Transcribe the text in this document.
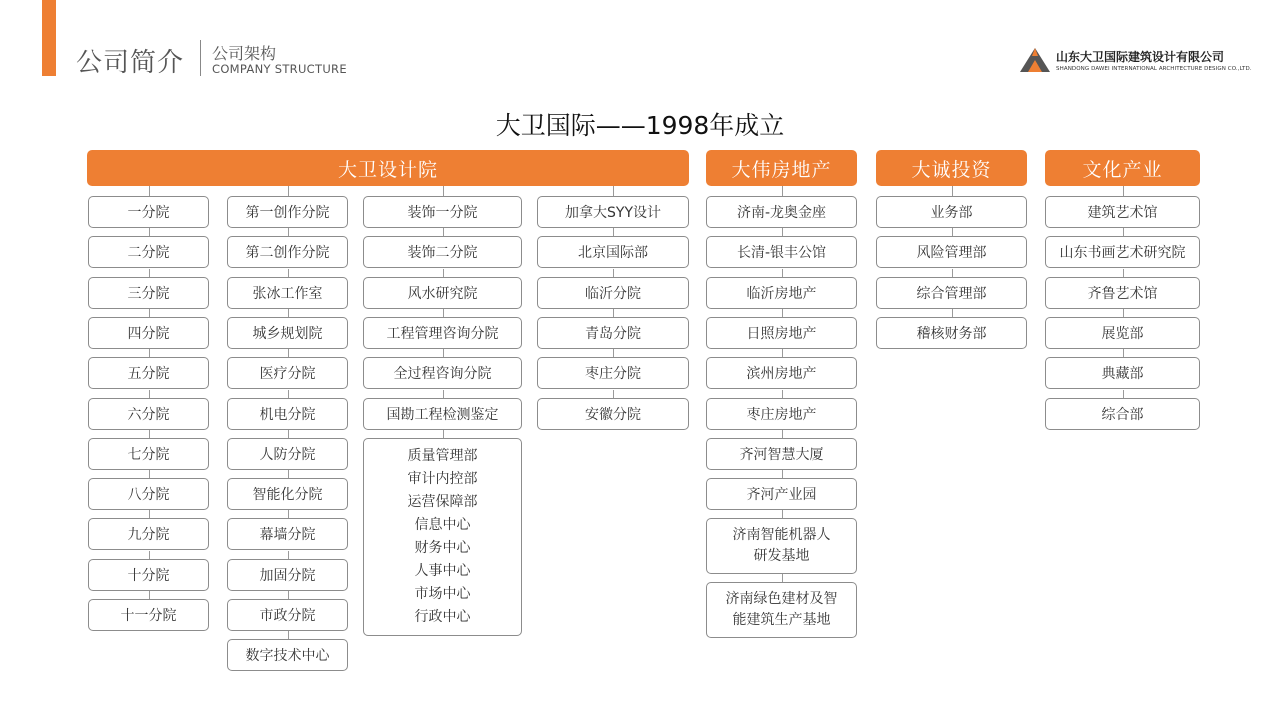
公司简介 公司架构
COMPANY STRUCTURE
山东大卫国际建筑设计有限公司
SHANDONG DAWEI INTERNATIONAL ARCHITECTURE DESIGN CO.,LTD.
大卫国际——1998年成立
大卫设计院	大伟房地产	大诚投资	文化产业
一分院
二分院
三分院
四分院
五分院
六分院
七分院
八分院
九分院
十分院
十一分院
第一创作分院
第二创作分院
张冰工作室
城乡规划院
医疗分院
机电分院
人防分院
智能化分院
幕墙分院
加固分院
市政分院
数字技术中心
装饰一分院
装饰二分院
风水研究院
工程管理咨询分院
全过程咨询分院
国勘工程检测鉴定
质量管理部
审计内控部
运营保障部
信息中心
财务中心
人事中心
市场中心
行政中心
加拿大SYY设计
北京国际部
临沂分院
青岛分院
枣庄分院
安徽分院
济南-龙奥金座
长清-银丰公馆
临沂房地产
日照房地产
滨州房地产
枣庄房地产
齐河智慧大厦
齐河产业园
济南智能机器人
研发基地
济南绿色建材及智
能建筑生产基地
业务部
风险管理部
综合管理部
稽核财务部
建筑艺术馆
山东书画艺术研究院
齐鲁艺术馆
展览部
典藏部
综合部
